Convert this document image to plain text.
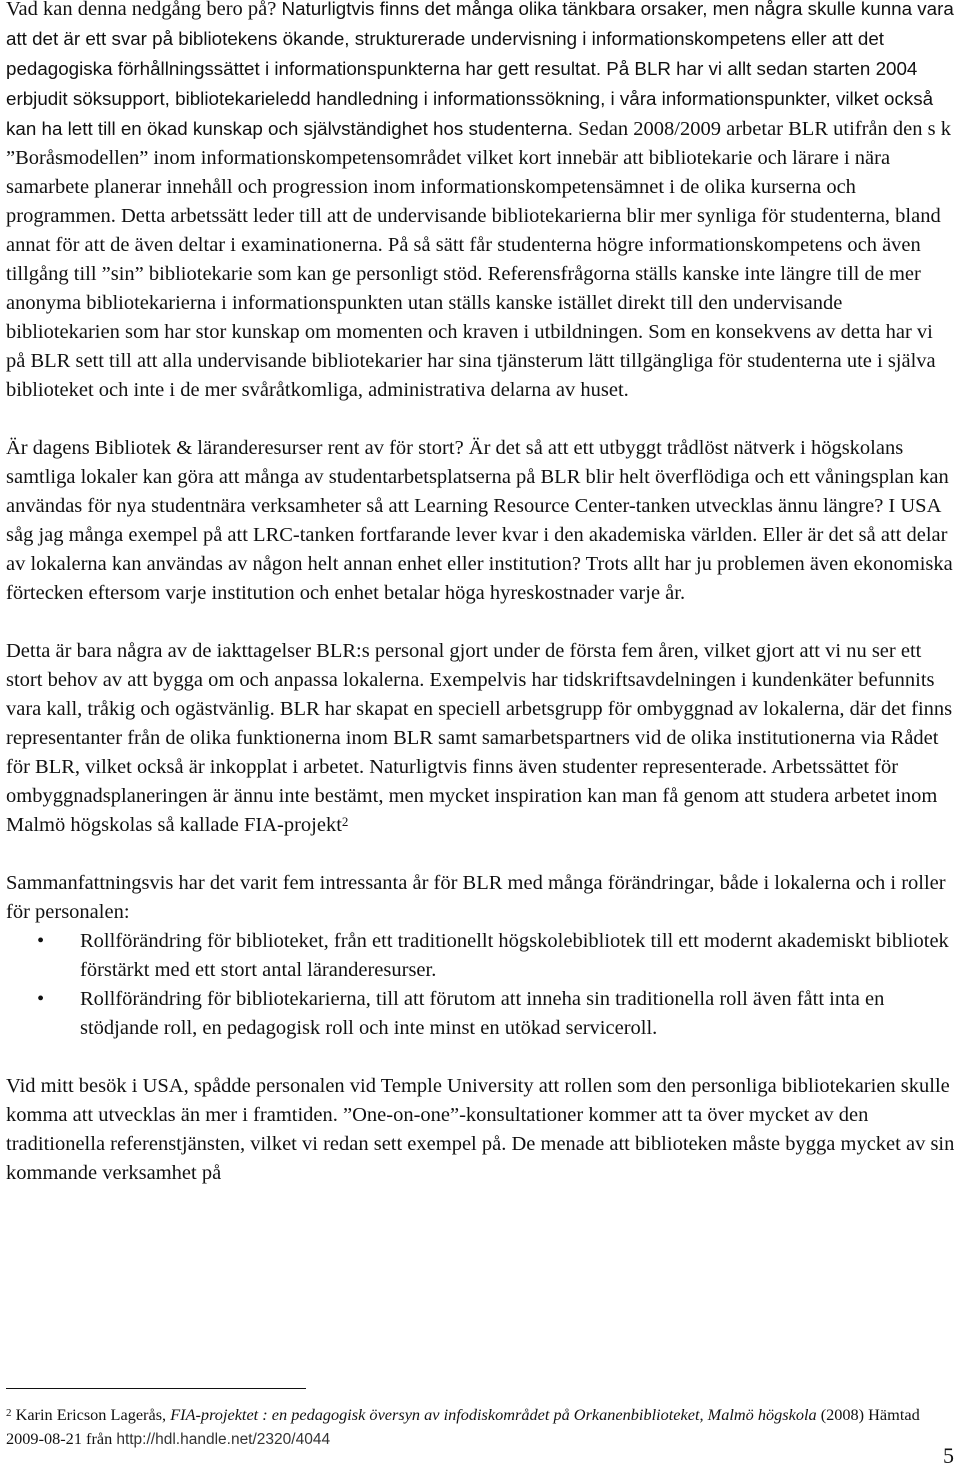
Vad kan denna nedgång bero på? Naturligtvis finns det många olika tänkbara orsaker, men några skulle kunna vara att det är ett svar på bibliotekens ökande, strukturerade undervisning i informationskompetens eller att det pedagogiska förhållningssättet i informationspunkterna har gett resultat. På BLR har vi allt sedan starten 2004 erbjudit söksupport, bibliotekarieledd handledning i informationssökning, i våra informationspunkter, vilket också kan ha lett till en ökad kunskap och självständighet hos studenterna. Sedan 2008/2009 arbetar BLR utifrån den s k ”Boråsmodellen” inom informationskompetensområdet vilket kort innebär att bibliotekarie och lärare i nära samarbete planerar innehåll och progression inom informationskompetensämnet i de olika kurserna och programmen. Detta arbetssätt leder till att de undervisande bibliotekarierna blir mer synliga för studenterna, bland annat för att de även deltar i examinationerna. På så sätt får studenterna högre informationskompetens och även tillgång till ”sin” bibliotekarie som kan ge personligt stöd. Referensfrågorna ställs kanske inte längre till de mer anonyma bibliotekarierna i informationspunkten utan ställs kanske istället direkt till den undervisande bibliotekarien som har stor kunskap om momenten och kraven i utbildningen. Som en konsekvens av detta har vi på BLR sett till att alla undervisande bibliotekarier har sina tjänsterum lätt tillgängliga för studenterna ute i själva biblioteket och inte i de mer svåråtkomliga, administrativa delarna av huset.

Är dagens Bibliotek & läranderesurser rent av för stort? Är det så att ett utbyggt trådlöst nätverk i högskolans samtliga lokaler kan göra att många av studentarbetsplatserna på BLR blir helt överflödiga och ett våningsplan kan användas för nya studentnära verksamheter så att Learning Resource Center-tanken utvecklas ännu längre? I USA såg jag många exempel på att LRC-tanken fortfarande lever kvar i den akademiska världen. Eller är det så att delar av lokalerna kan användas av någon helt annan enhet eller institution? Trots allt har ju problemen även ekonomiska förtecken eftersom varje institution och enhet betalar höga hyreskostnader varje år.

Detta är bara några av de iakttagelser BLR:s personal gjort under de första fem åren, vilket gjort att vi nu ser ett stort behov av att bygga om och anpassa lokalerna. Exempelvis har tidskriftsavdelningen i kundenkäter befunnits vara kall, tråkig och ogästvänlig. BLR har skapat en speciell arbetsgrupp för ombyggnad av lokalerna, där det finns representanter från de olika funktionerna inom BLR samt samarbetspartners vid de olika institutionerna via Rådet för BLR, vilket också är inkopplat i arbetet. Naturligtvis finns även studenter representerade. Arbetssättet för ombyggnadsplaneringen är ännu inte bestämt, men mycket inspiration kan man få genom att studera arbetet inom Malmö högskolas så kallade FIA-projekt$^2$

Sammanfattningsvis har det varit fem intressanta år för BLR med många förändringar, både i lokalerna och i roller för personalen:

• Rollförändring för biblioteket, från ett traditionellt högskolebibliotek till ett modernt akademiskt bibliotek förstärkt med ett stort antal läranderesurser.
• Rollförändring för bibliotekarierna, till att förutom att inneha sin traditionella roll även fått inta en stödjande roll, en pedagogisk roll och inte minst en utökad serviceroll.

Vid mitt besök i USA, spådde personalen vid Temple University att rollen som den personliga bibliotekarien skulle komma att utvecklas än mer i framtiden. ”One-on-one”-konsultationer kommer att ta över mycket av den traditionella referenstjänsten, vilket vi redan sett exempel på. De menade att biblioteken måste bygga mycket av sin kommande verksamhet på

$^2$ Karin Ericson Lagerås, FIA-projektet : en pedagogisk översyn av infodiskområdet på Orkanenbiblioteket, Malmö högskola (2008) Hämtad 2009-08-21 från http://hdl.handle.net/2320/4044
5
